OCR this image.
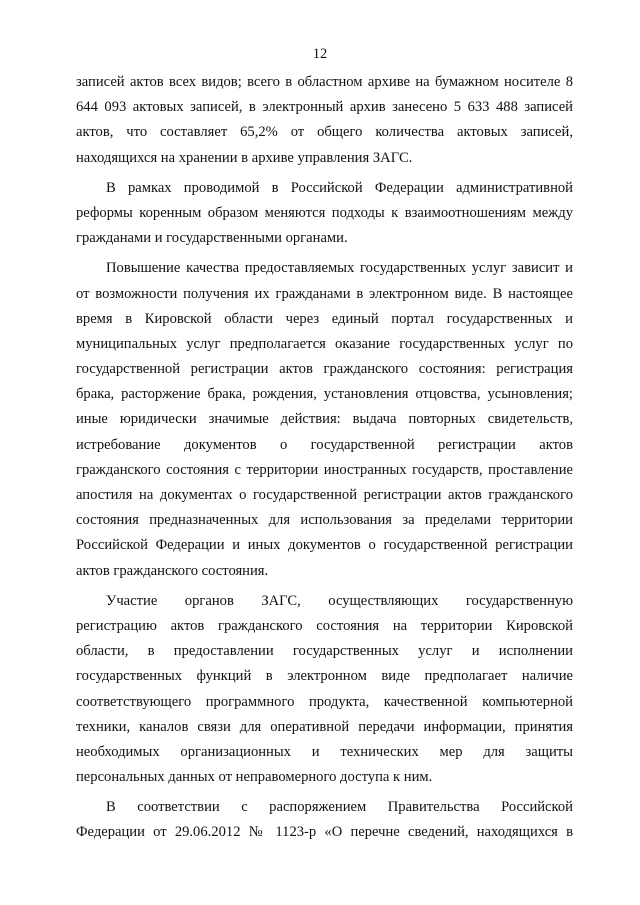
12
записей актов всех видов; всего в областном архиве на бумажном носителе 8
644 093 актовых записей, в электронный архив занесено 5 633 488 записей
актов, что составляет 65,2% от общего количества актовых записей,
находящихся на хранении в архиве управления ЗАГС.
В рамках проводимой в Российской Федерации административной
реформы коренным образом меняются подходы к взаимоотношениям между
гражданами и государственными органами.
Повышение качества предоставляемых государственных услуг зависит и
от возможности получения их гражданами в электронном виде. В настоящее
время в Кировской области через единый портал государственных и
муниципальных услуг предполагается оказание государственных услуг по
государственной регистрации актов гражданского состояния: регистрация
брака, расторжение брака, рождения, установления отцовства, усыновления;
иные юридически значимые действия: выдача повторных свидетельств,
истребование документов о государственной регистрации актов
гражданского состояния с территории иностранных государств, проставление
апостиля на документах о государственной регистрации актов гражданского
состояния предназначенных для использования за пределами территории
Российской Федерации и иных документов о государственной регистрации
актов гражданского состояния.
Участие органов ЗАГС, осуществляющих государственную
регистрацию актов гражданского состояния на территории Кировской
области, в предоставлении государственных услуг и исполнении
государственных функций в электронном виде предполагает наличие
соответствующего программного продукта, качественной компьютерной
техники, каналов связи для оперативной передачи информации, принятия
необходимых организационных и технических мер для защиты
персональных данных от неправомерного доступа к ним.
В соответствии с распоряжением Правительства Российской
Федерации от 29.06.2012 № 1123-р «О перечне сведений, находящихся в
